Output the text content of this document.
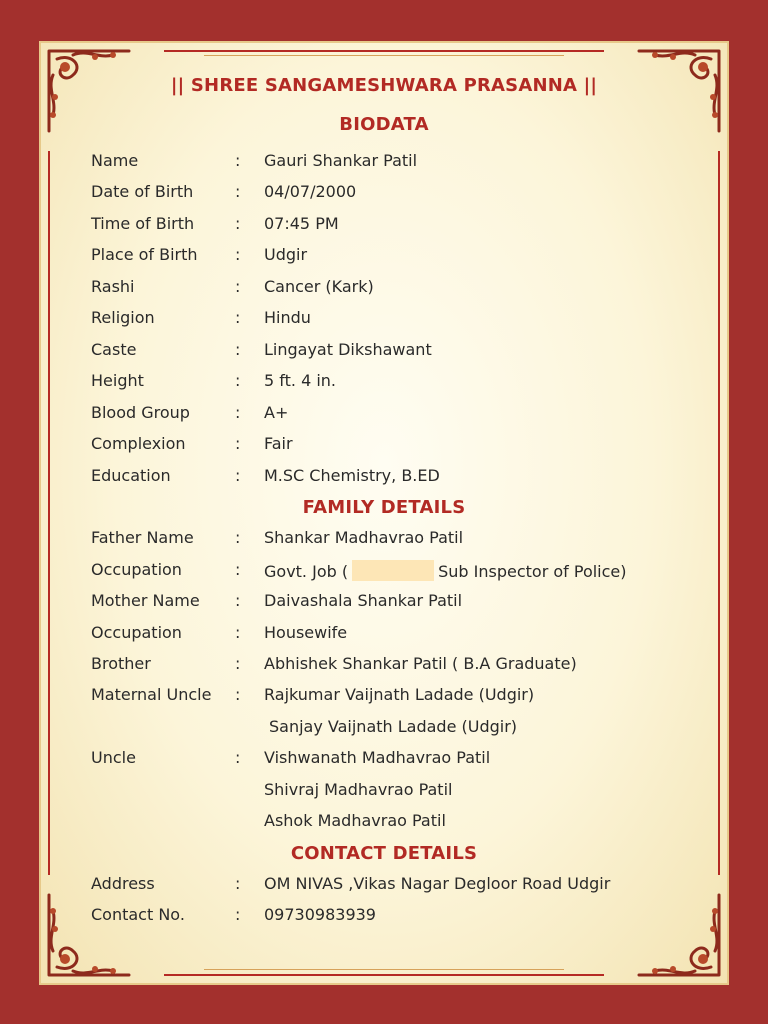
|| SHREE SANGAMESHWARA PRASANNA ||
BIODATA
Name	: Gauri Shankar Patil
Date of Birth	: 04/07/2000
Time of Birth	: 07:45 PM
Place of Birth : Udgir
Rashi	: Cancer (Kark)
Religion	: Hindu
Caste	: Lingayat Dikshawant
Height	: 5 ft. 4 in.
Blood Group	: A+
Complexion	: Fair
Education	: M.SC Chemistry, B.ED
FAMILY DETAILS
Father Name	: Shankar Madhavrao Patil
Occupation	: Govt. Job (	Sub Inspector of Police)
Mother Name : Daivashala Shankar Patil
Occupation	: Housewife
Brother	: Abhishek Shankar Patil ( B.A Graduate)
Maternal Uncle : Rajkumar Vaijnath Ladade (Udgir)
Sanjay Vaijnath Ladade (Udgir)
Uncle	: Vishwanath Madhavrao Patil
Shivraj Madhavrao Patil
Ashok Madhavrao Patil
CONTACT DETAILS
Address	: OM NIVAS ,Vikas Nagar Degloor Road Udgir
Contact No.	: 09730983939
